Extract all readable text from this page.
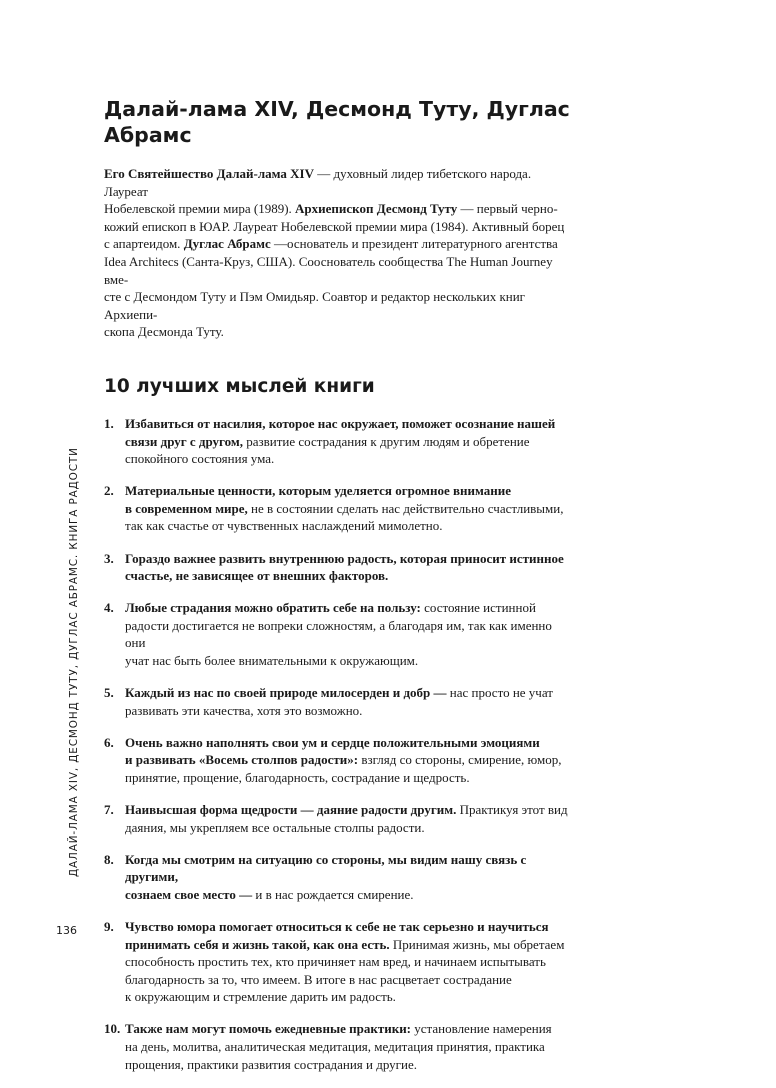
ДАЛАЙ-ЛАМА XIV, ДЕСМОНД ТУТУ, ДУГЛАС АБРАМС. КНИГА РАДОСТИ
136
Далай-лама XIV, Десмонд Туту, Дуглас Абрамс
Его Святейшество Далай-лама XIV — духовный лидер тибетского народа. Лауреат
Нобелевской премии мира (1989). Архиепископ Десмонд Туту — первый черно-
кожий епископ в ЮАР. Лауреат Нобелевской премии мира (1984). Активный борец
с апартеидом. Дуглас Абрамс —основатель и президент литературного агентства
Idea Architecs (Санта-Круз, США). Сооснователь сообщества The Human Journey вме-
сте с Десмондом Туту и Пэм Омидьяр. Соавтор и редактор нескольких книг Архиепи-
скопа Десмонда Туту.
10 лучших мыслей книги
1. Избавиться от насилия, которое нас окружает, поможет осознание нашей
связи друг с другом, развитие сострадания к другим людям и обретение
спокойного состояния ума.
2. Материальные ценности, которым уделяется огромное внимание
в современном мире, не в состоянии сделать нас действительно счастливыми,
так как счастье от чувственных наслаждений мимолетно.
3. Гораздо важнее развить внутреннюю радость, которая приносит истинное
счастье, не зависящее от внешних факторов.
4. Любые страдания можно обратить себе на пользу: состояние истинной
радости достигается не вопреки сложностям, а благодаря им, так как именно они
учат нас быть более внимательными к окружающим.
5. Каждый из нас по своей природе милосерден и добр — нас просто не учат
развивать эти качества, хотя это возможно.
6. Очень важно наполнять свои ум и сердце положительными эмоциями
и развивать «Восемь столпов радости»: взгляд со стороны, смирение, юмор,
принятие, прощение, благодарность, сострадание и щедрость.
7. Наивысшая форма щедрости — даяние радости другим. Практикуя этот вид
даяния, мы укрепляем все остальные столпы радости.
8. Когда мы смотрим на ситуацию со стороны, мы видим нашу связь с другими,
сознаем свое место — и в нас рождается смирение.
9. Чувство юмора помогает относиться к себе не так серьезно и научиться
принимать себя и жизнь такой, как она есть. Принимая жизнь, мы обретаем
способность простить тех, кто причиняет нам вред, и начинаем испытывать
благодарность за то, что имеем. В итоге в нас расцветает сострадание
к окружающим и стремление дарить им радость.
10. Также нам могут помочь ежедневные практики: установление намерения
на день, молитва, аналитическая медитация, медитация принятия, практика
прощения, практики развития сострадания и другие.
